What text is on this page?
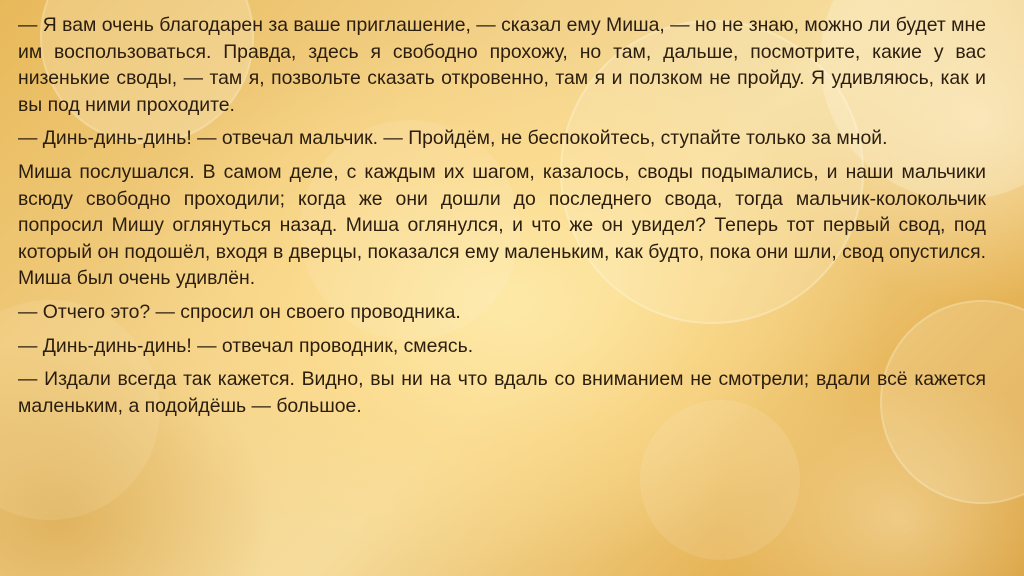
— Я вам очень благодарен за ваше приглашение, — сказал ему Миша, — но не знаю, можно ли будет мне им воспользоваться. Правда, здесь я свободно прохожу, но там, дальше, посмотрите, какие у вас низенькие своды, — там я, позвольте сказать откровенно, там я и ползком не пройду. Я удивляюсь, как и вы под ними проходите.

— Динь-динь-динь! — отвечал мальчик. — Пройдём, не беспокойтесь, ступайте только за мной.

Миша послушался. В самом деле, с каждым их шагом, казалось, своды подымались, и наши мальчики всюду свободно проходили; когда же они дошли до последнего свода, тогда мальчик-колокольчик попросил Мишу оглянуться назад. Миша оглянулся, и что же он увидел? Теперь тот первый свод, под который он подошёл, входя в дверцы, показался ему маленьким, как будто, пока они шли, свод опустился. Миша был очень удивлён.

— Отчего это? — спросил он своего проводника.

— Динь-динь-динь! — отвечал проводник, смеясь.

— Издали всегда так кажется. Видно, вы ни на что вдаль со вниманием не смотрели; вдали всё кажется маленьким, а подойдёшь — большое.
